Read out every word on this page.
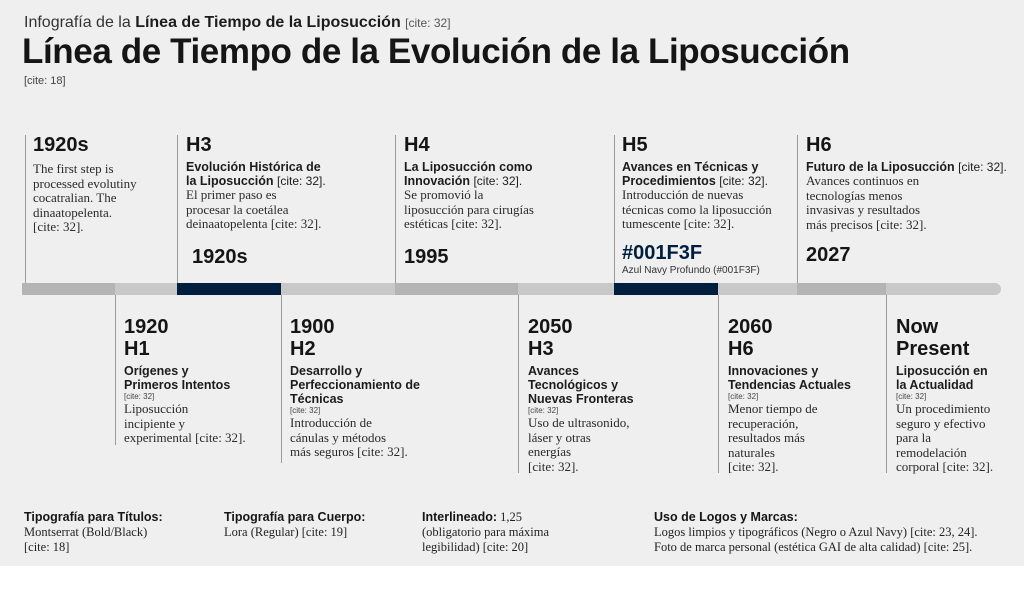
Infografía de la Línea de Tiempo de la Liposucción [cite: 32]
Línea de Tiempo de la Evolución de la Liposucción
[cite: 18]
1920s
The first step is
processed evolutiny
cocatralian. The
dinaatopelenta.
[cite: 32].
H3
Evolución Histórica de
la Liposucción [cite: 32].
El primer paso es
procesar la coetálea
deinaatopelenta [cite: 32].
1920s
H4
La Liposucción como
Innovación [cite: 32].
Se promovió la
liposucción para cirugías
estéticas [cite: 32].
1995
H5
Avances en Técnicas y
Procedimientos [cite: 32].
Introducción de nuevas
técnicas como la liposucción
tumescente [cite: 32].
#001F3F
Azul Navy Profundo (#001F3F)
H6
Futuro de la Liposucción [cite: 32].
Avances continuos en
tecnologías menos
invasivas y resultados
más precisos [cite: 32].
2027
1920
H1
Orígenes y
Primeros Intentos
[cite: 32]
Liposucción
incipiente y
experimental [cite: 32].
1900
H2
Desarrollo y
Perfeccionamiento de
Técnicas
[cite: 32]
Introducción de
cánulas y métodos
más seguros [cite: 32].
2050
H3
Avances
Tecnológicos y
Nuevas Fronteras
[cite: 32]
Uso de ultrasonido,
láser y otras
energías
[cite: 32].
2060
H6
Innovaciones y
Tendencias Actuales
[cite: 32]
Menor tiempo de
recuperación,
resultados más
naturales
[cite: 32].
Now
Present
Liposucción en
la Actualidad
[cite: 32]
Un procedimiento
seguro y efectivo
para la
remodelación
corporal [cite: 32].
Tipografía para Títulos:
Montserrat (Bold/Black)
[cite: 18]
Tipografía para Cuerpo:
Lora (Regular) [cite: 19]
Interlineado: 1,25
(obligatorio para máxima
legibilidad) [cite: 20]
Uso de Logos y Marcas:
Logos limpios y tipográficos (Negro o Azul Navy) [cite: 23, 24].
Foto de marca personal (estética GAI de alta calidad) [cite: 25].
